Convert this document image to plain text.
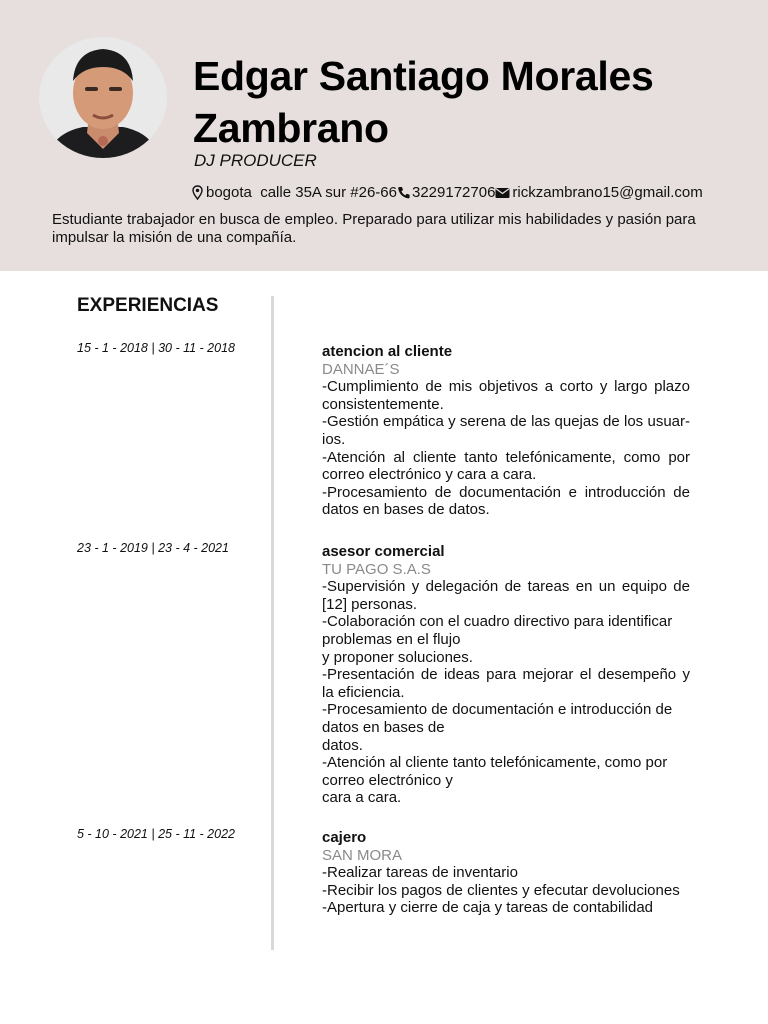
Edgar Santiago Morales Zambrano
DJ PRODUCER
bogota  calle 35A sur #26-66 3229172706 rickzambrano15@gmail.com
Estudiante trabajador en busca de empleo. Preparado para utilizar mis habilidades y pasión para impulsar la misión de una compañía.
EXPERIENCIAS
15 - 1 - 2018 | 30 - 11 - 2018	atencion al cliente
DANNAE´S
-Cumplimiento de mis objetivos a corto y largo plazo consistentemente.
-Gestión empática y serena de las quejas de los usuar-ios.
-Atención al cliente tanto telefónicamente, como por correo electrónico y cara a cara.
-Procesamiento de documentación e introducción de datos en bases de datos.
23 - 1 - 2019 | 23 - 4 - 2021	asesor comercial
TU PAGO S.A.S
-Supervisión y delegación de tareas en un equipo de [12] personas.
-Colaboración con el cuadro directivo para identificar problemas en el flujo
y proponer soluciones.
-Presentación de ideas para mejorar el desempeño y la eficiencia.
-Procesamiento de documentación e introducción de datos en bases de
datos.
-Atención al cliente tanto telefónicamente, como por correo electrónico y
cara a cara.
5 - 10 - 2021 | 25 - 11 - 2022	cajero
SAN MORA
-Realizar tareas de inventario
-Recibir los pagos de clientes y efecutar devoluciones
-Apertura y cierre de caja y tareas de contabilidad
